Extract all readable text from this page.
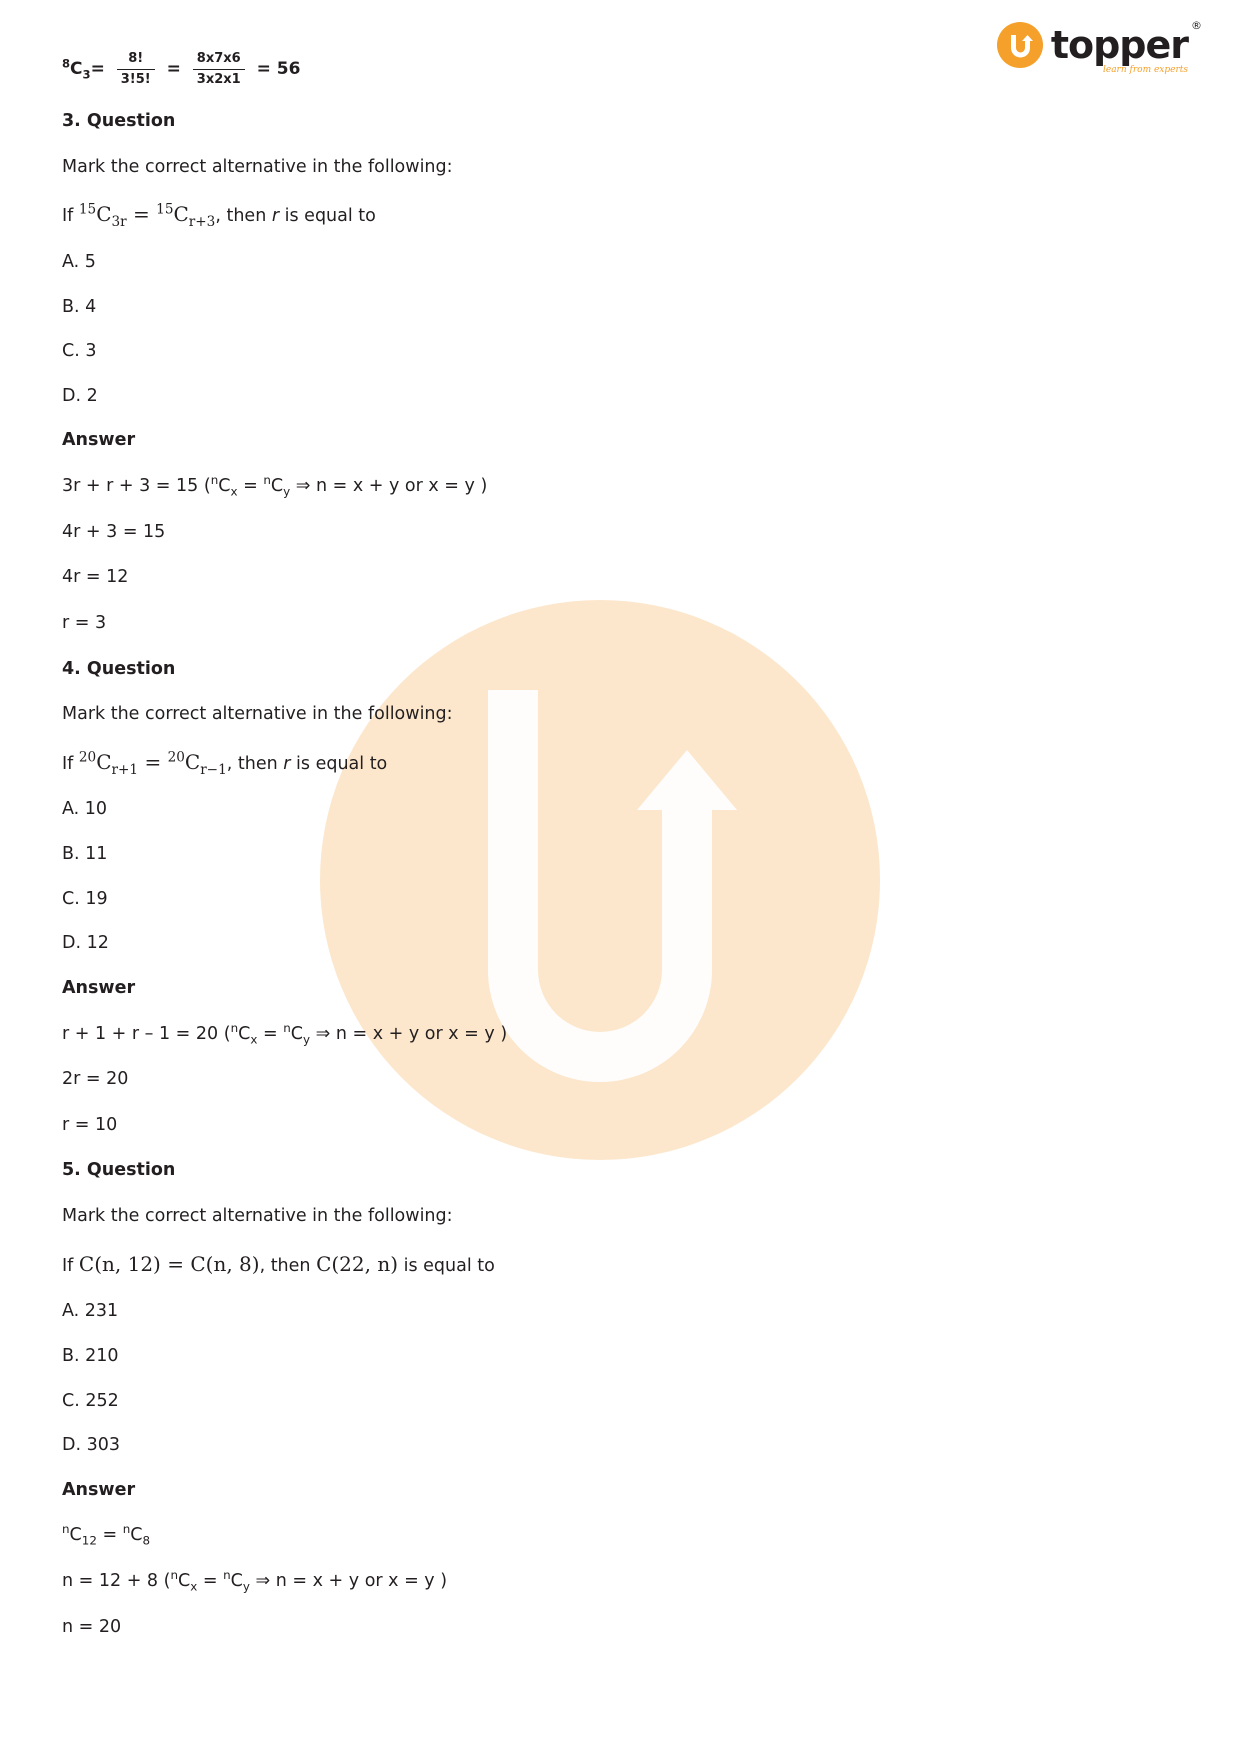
topper ®
learn from experts

$^8C_3= \frac{8!}{3!5!} = \frac{8x7x6}{3x2x1} = 56$

3. Question

Mark the correct alternative in the following:

If $^{15}C_{3r} = ^{15}C_{r+3}$, then r is equal to

A. 5

B. 4

C. 3

D. 2

Answer

3r + r + 3 = 15 ($^nC_x = ^nC_y$ ⇒ n = x + y or x = y )

4r + 3 = 15

4r = 12

r = 3

4. Question

Mark the correct alternative in the following:

If $^{20}C_{r+1} = ^{20}C_{r-1}$, then r is equal to

A. 10

B. 11

C. 19

D. 12

Answer

r + 1 + r – 1 = 20 ($^nC_x = ^nC_y$ ⇒ n = x + y or x = y )

2r = 20

r = 10

5. Question

Mark the correct alternative in the following:

If C(n, 12) = C(n, 8), then C(22, n) is equal to

A. 231

B. 210

C. 252

D. 303

Answer

$^nC_{12} = ^nC_8$

n = 12 + 8 ($^nC_x = ^nC_y$ ⇒ n = x + y or x = y )

n = 20
